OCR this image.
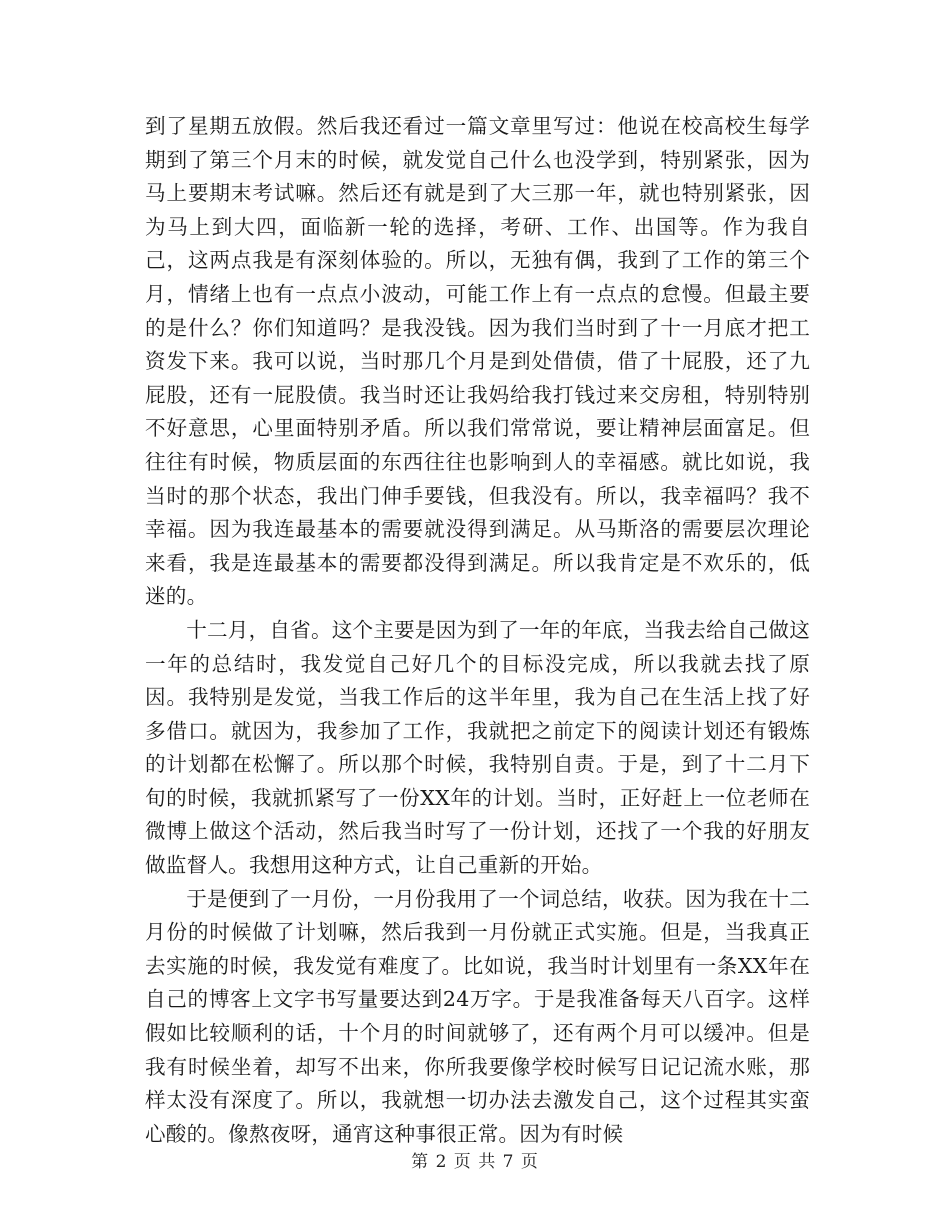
到了星期五放假。然后我还看过一篇文章里写过：他说在校高校生每学期到了第三个月末的时候，就发觉自己什么也没学到，特别紧张，因为马上要期末考试嘛。然后还有就是到了大三那一年，就也特别紧张，因为马上到大四，面临新一轮的选择，考研、工作、出国等。作为我自己，这两点我是有深刻体验的。所以，无独有偶，我到了工作的第三个月，情绪上也有一点点小波动，可能工作上有一点点的怠慢。但最主要的是什么？你们知道吗？是我没钱。因为我们当时到了十一月底才把工资发下来。我可以说，当时那几个月是到处借债，借了十屁股，还了九屁股，还有一屁股债。我当时还让我妈给我打钱过来交房租，特别特别不好意思，心里面特别矛盾。所以我们常常说，要让精神层面富足。但往往有时候，物质层面的东西往往也影响到人的幸福感。就比如说，我当时的那个状态，我出门伸手要钱，但我没有。所以，我幸福吗？我不幸福。因为我连最基本的需要就没得到满足。从马斯洛的需要层次理论来看，我是连最基本的需要都没得到满足。所以我肯定是不欢乐的，低迷的。

十二月，自省。这个主要是因为到了一年的年底，当我去给自己做这一年的总结时，我发觉自己好几个的目标没完成，所以我就去找了原因。我特别是发觉，当我工作后的这半年里，我为自己在生活上找了好多借口。就因为，我参加了工作，我就把之前定下的阅读计划还有锻炼的计划都在松懈了。所以那个时候，我特别自责。于是，到了十二月下旬的时候，我就抓紧写了一份XX年的计划。当时，正好赶上一位老师在微博上做这个活动，然后我当时写了一份计划，还找了一个我的好朋友做监督人。我想用这种方式，让自己重新的开始。

于是便到了一月份，一月份我用了一个词总结，收获。因为我在十二月份的时候做了计划嘛，然后我到一月份就正式实施。但是，当我真正去实施的时候，我发觉有难度了。比如说，我当时计划里有一条XX年在自己的博客上文字书写量要达到24万字。于是我准备每天八百字。这样假如比较顺利的话，十个月的时间就够了，还有两个月可以缓冲。但是我有时候坐着，却写不出来，你所我要像学校时候写日记记流水账，那样太没有深度了。所以，我就想一切办法去激发自己，这个过程其实蛮心酸的。像熬夜呀，通宵这种事很正常。因为有时候

第 2 页 共 7 页
